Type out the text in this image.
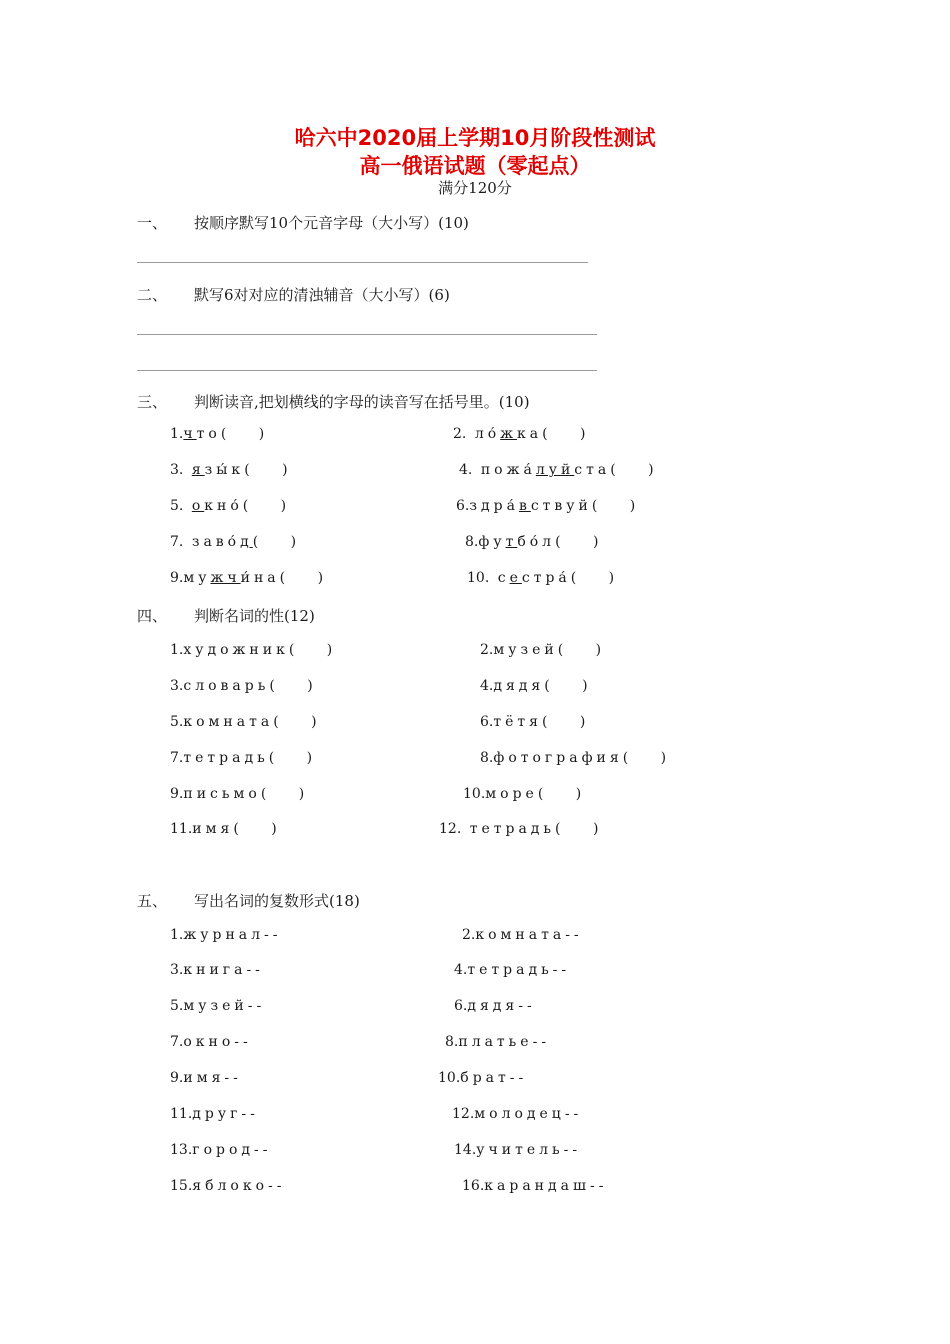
哈六中2020届上学期10月阶段性测试
高一俄语试题（零起点）
满分120分
一、 按顺序默写10个元音字母（大小写）(10)
二、 默写6对对应的清浊辅音（大小写）(6)
三、 判断读音,把划横线的字母的读音写在括号里。(10)
1.что( )	2. ло́жка( )
3. язы́к( )	4. пожа́луйста( )
5. окно́( )	6.здра́вствуй( )
7. заво́д( )	8.футбо́л( )
9.мужчи́на( )	10. сестра́( )
四、 判断名词的性(12)
1.художник( )	2.музей( )
3.словарь( )	4.дядя( )
5.комната( )	6.тётя( )
7.тетрадь( )	8.фотография( )
9.письмо( )	10.море( )
11.имя( )	12. тетрадь( )
五、 写出名词的复数形式(18)
1.журнал--	2.комната--
3.книга--	4.тетрадь--
5.музей--	6.дядя--
7.окно--	8.платье--
9.имя--	10.брат--
11.друг--	12.молодец--
13.город--	14.учитель--
15.яблоко--	16.карандаш--
